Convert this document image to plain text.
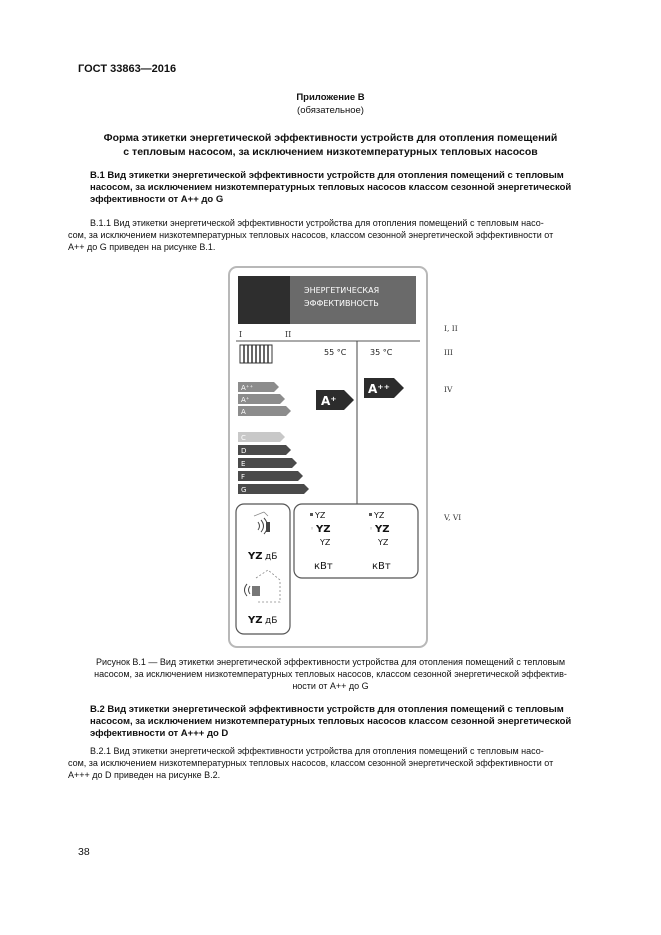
ГОСТ 33863—2016
Приложение В
(обязательное)
Форма этикетки энергетической эффективности устройств для отопления помещений
с тепловым насосом, за исключением низкотемпературных тепловых насосов
В.1 Вид этикетки энергетической эффективности устройств для отопления помещений с тепловым
насосом, за исключением низкотемпературных тепловых насосов классом сезонной энергетической
эффективности от А++ до G
В.1.1 Вид этикетки энергетической эффективности устройства для отопления помещений с тепловым насо-
сом, за исключением низкотемпературных тепловых насосов, классом сезонной энергетической эффективности от
А++ до G приведен на рисунке В.1.
ЭНЕРГЕТИЧЕСКАЯ
ЭФФЕКТИВНОСТЬ
I	II
55 °C	35 °C
A⁺⁺
A⁺
A
C
D
E
F
G
A⁺
A⁺⁺
YZ дБ
YZ дБ
YZ
◦ YZ
YZ
кВт
YZ
◦ YZ
YZ
кВт
I, II
III
IV
V, VI
Рисунок В.1 — Вид этикетки энергетической эффективности устройства для отопления помещений с тепловым
насосом, за исключением низкотемпературных тепловых насосов, классом сезонной энергетической эффектив-
ности от А++ до G
В.2 Вид этикетки энергетической эффективности устройств для отопления помещений с тепловым
насосом, за исключением низкотемпературных тепловых насосов классом сезонной энергетической
эффективности от А+++ до D
В.2.1 Вид этикетки энергетической эффективности устройства для отопления помещений с тепловым насо-
сом, за исключением низкотемпературных тепловых насосов, классом сезонной энергетической эффективности от
А+++ до D приведен на рисунке В.2.
38
